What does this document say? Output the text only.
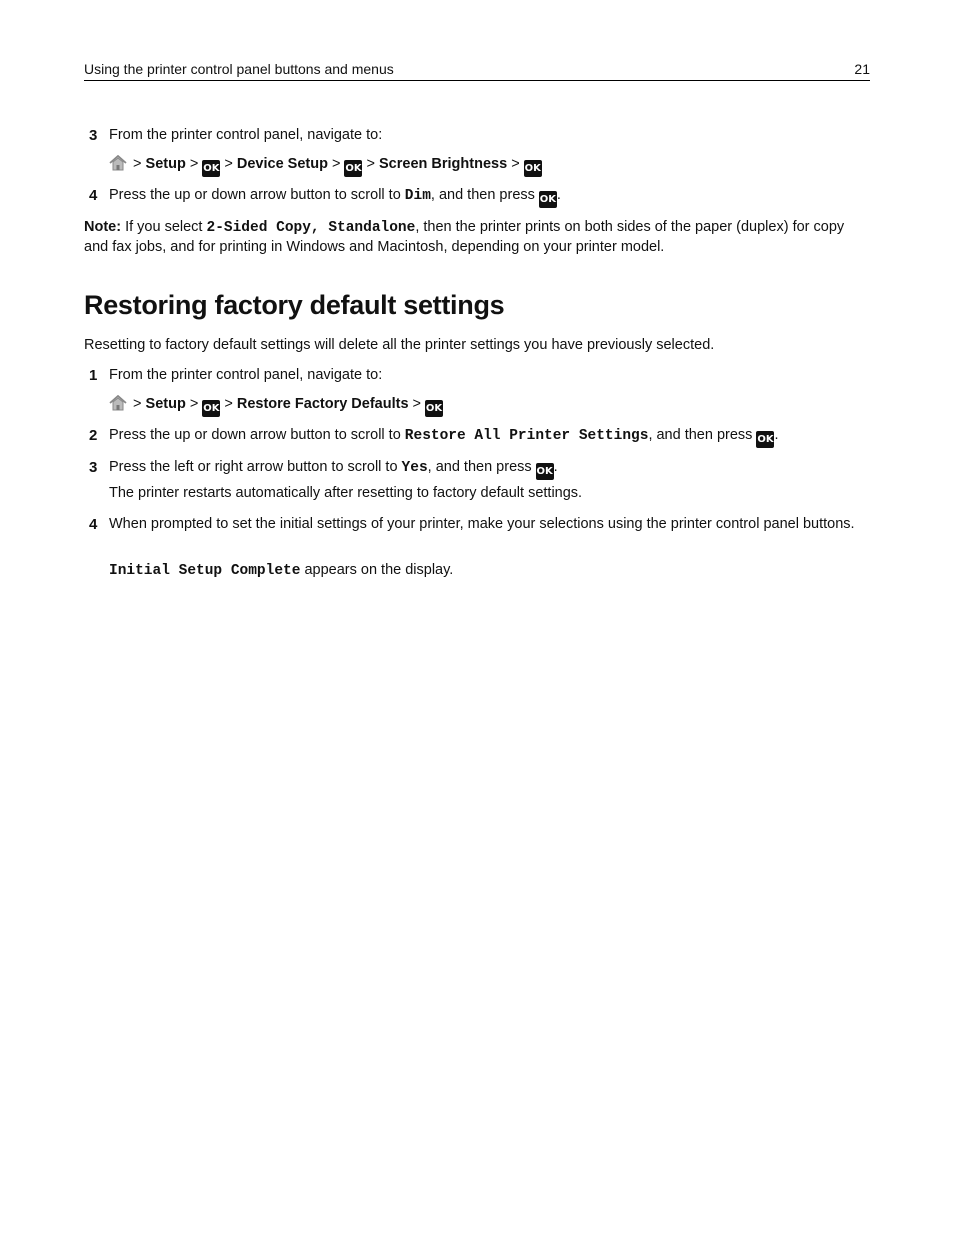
Using the printer control panel buttons and menus	21
3 From the printer control panel, navigate to:
> Setup > OK > Device Setup > OK > Screen Brightness > OK
4 Press the up or down arrow button to scroll to Dim, and then press OK.
Note: If you select 2-Sided Copy, Standalone, then the printer prints on both sides of the paper (duplex) for copy and fax jobs, and for printing in Windows and Macintosh, depending on your printer model.
Restoring factory default settings
Resetting to factory default settings will delete all the printer settings you have previously selected.
1 From the printer control panel, navigate to:
> Setup > OK > Restore Factory Defaults > OK
2 Press the up or down arrow button to scroll to Restore All Printer Settings, and then press OK.
3 Press the left or right arrow button to scroll to Yes, and then press OK.
The printer restarts automatically after resetting to factory default settings.
4 When prompted to set the initial settings of your printer, make your selections using the printer control panel buttons.
Initial Setup Complete appears on the display.
